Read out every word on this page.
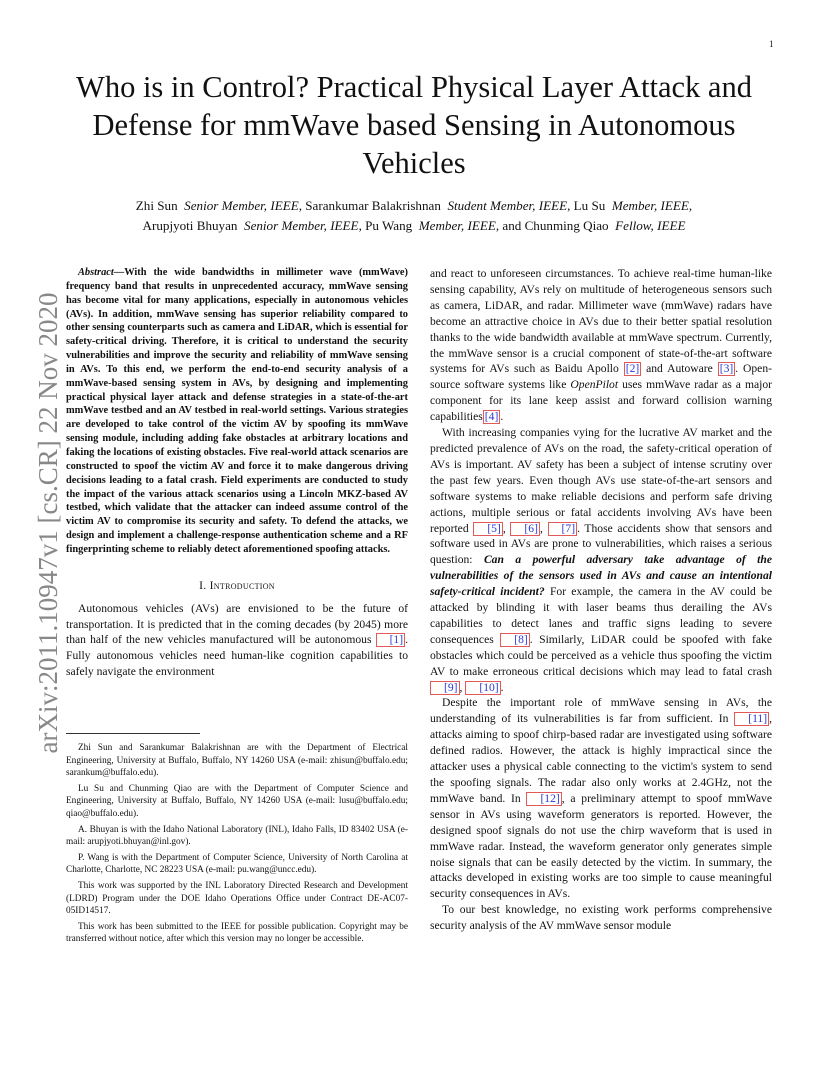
1
arXiv:2011.10947v1 [cs.CR] 22 Nov 2020
Who is in Control? Practical Physical Layer Attack and Defense for mmWave based Sensing in Autonomous Vehicles
Zhi Sun Senior Member, IEEE, Sarankumar Balakrishnan Student Member, IEEE, Lu Su Member, IEEE,
Arupjyoti Bhuyan Senior Member, IEEE, Pu Wang Member, IEEE, and Chunming Qiao Fellow, IEEE

Abstract—With the wide bandwidths in millimeter wave (mmWave) frequency band that results in unprecedented accuracy, mmWave sensing has become vital for many applications, especially in autonomous vehicles (AVs). In addition, mmWave sensing has superior reliability compared to other sensing counterparts such as camera and LiDAR, which is essential for safety-critical driving. Therefore, it is critical to understand the security vulnerabilities and improve the security and reliability of mmWave sensing in AVs. To this end, we perform the end-to-end security analysis of a mmWave-based sensing system in AVs, by designing and implementing practical physical layer attack and defense strategies in a state-of-the-art mmWave testbed and an AV testbed in real-world settings. Various strategies are developed to take control of the victim AV by spoofing its mmWave sensing module, including adding fake obstacles at arbitrary locations and faking the locations of existing obstacles. Five real-world attack scenarios are constructed to spoof the victim AV and force it to make dangerous driving decisions leading to a fatal crash. Field experiments are conducted to study the impact of the various attack scenarios using a Lincoln MKZ-based AV testbed, which validate that the attacker can indeed assume control of the victim AV to compromise its security and safety. To defend the attacks, we design and implement a challenge-response authentication scheme and a RF fingerprinting scheme to reliably detect aforementioned spoofing attacks.

I. Introduction

Autonomous vehicles (AVs) are envisioned to be the future of transportation. It is predicted that in the coming decades (by 2045) more than half of the new vehicles manufactured will be autonomous [1] . Fully autonomous vehicles need human-like cognition capabilities to safely navigate the environment

Zhi Sun and Sarankumar Balakrishnan are with the Department of Electrical Engineering, University at Buffalo, Buffalo, NY 14260 USA (e-mail: zhisun@buffalo.edu; sarankum@buffalo.edu).

Lu Su and Chunming Qiao are with the Department of Computer Science and Engineering, University at Buffalo, Buffalo, NY 14260 USA (e-mail: lusu@buffalo.edu; qiao@buffalo.edu).

A. Bhuyan is with the Idaho National Laboratory (INL), Idaho Falls, ID 83402 USA (e-mail: arupjyoti.bhuyan@inl.gov).

P. Wang is with the Department of Computer Science, University of North Carolina at Charlotte, Charlotte, NC 28223 USA (e-mail: pu.wang@uncc.edu).

This work was supported by the INL Laboratory Directed Research and Development (LDRD) Program under the DOE Idaho Operations Office under Contract DE-AC07-05ID14517.

This work has been submitted to the IEEE for possible publication. Copyright may be transferred without notice, after which this version may no longer be accessible.

and react to unforeseen circumstances. To achieve real-time human-like sensing capability, AVs rely on multitude of heterogeneous sensors such as camera, LiDAR, and radar. Millimeter wave (mmWave) radars have become an attractive choice in AVs due to their better spatial resolution thanks to the wide bandwidth available at mmWave spectrum. Currently, the mmWave sensor is a crucial component of state-of-the-art software systems for AVs such as Baidu Apollo [2] and Autoware [3] . Open-source software systems like OpenPilot uses mmWave radar as a major component for its lane keep assist and forward collision warning capabilities [4] .

With increasing companies vying for the lucrative AV market and the predicted prevalence of AVs on the road, the safety-critical operation of AVs is important. AV safety has been a subject of intense scrutiny over the past few years. Even though AVs use state-of-the-art sensors and software systems to make reliable decisions and perform safe driving actions, multiple serious or fatal accidents involving AVs have been reported [5] , [6] , [7] . Those accidents show that sensors and software used in AVs are prone to vulnerabilities, which raises a serious question: Can a powerful adversary take advantage of the vulnerabilities of the sensors used in AVs and cause an intentional safety-critical incident? For example, the camera in the AV could be attacked by blinding it with laser beams thus derailing the AVs capabilities to detect lanes and traffic signs leading to severe consequences [8] . Similarly, LiDAR could be spoofed with fake obstacles which could be perceived as a vehicle thus spoofing the victim AV to make erroneous critical decisions which may lead to fatal crash [9] , [10] .

Despite the important role of mmWave sensing in AVs, the understanding of its vulnerabilities is far from sufficient. In [11] , attacks aiming to spoof chirp-based radar are investigated using software defined radios. However, the attack is highly impractical since the attacker uses a physical cable connecting to the victim's system to send the spoofing signals. The radar also only works at 2.4GHz, not the mmWave band. In [12] , a preliminary attempt to spoof mmWave sensor in AVs using waveform generators is reported. However, the designed spoof signals do not use the chirp waveform that is used in mmWave radar. Instead, the waveform generator only generates simple noise signals that can be easily detected by the victim. In summary, the attacks developed in existing works are too simple to cause meaningful security consequences in AVs.

To our best knowledge, no existing work performs comprehensive security analysis of the AV mmWave sensor module
